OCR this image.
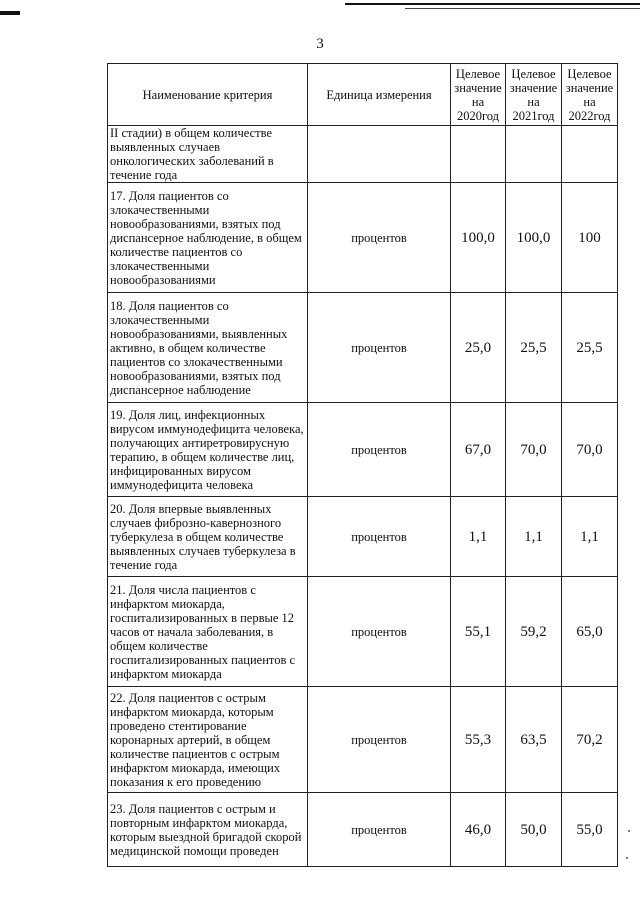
3
Наименование критерия	Единица измерения	Целевое значение на 2020год	Целевое значение на 2021год	Целевое значение на 2022год
II стадии) в общем количестве выявленных случаев онкологических заболеваний в течение года				
17. Доля пациентов со злокачественными новообразованиями, взятых под диспансерное наблюдение, в общем количестве пациентов со злокачественными новообразованиями	процентов	100,0	100,0	100
18. Доля пациентов со злокачественными новообразованиями, выявленных активно, в общем количестве пациентов со злокачественными новообразованиями, взятых под диспансерное наблюдение	процентов	25,0	25,5	25,5
19. Доля лиц, инфекционных вирусом иммунодефицита человека, получающих антиретровирусную терапию, в общем количестве лиц, инфицированных вирусом иммунодефицита человека	процентов	67,0	70,0	70,0
20. Доля впервые выявленных случаев фиброзно-кавернозного туберкулеза в общем количестве выявленных случаев туберкулеза в течение года	процентов	1,1	1,1	1,1
21. Доля числа пациентов с инфарктом миокарда, госпитализированных в первые 12 часов от начала заболевания, в общем количестве госпитализированных пациентов с инфарктом миокарда	процентов	55,1	59,2	65,0
22. Доля пациентов с острым инфарктом миокарда, которым проведено стентирование коронарных артерий, в общем количестве пациентов с острым инфарктом миокарда, имеющих показания к его проведению	процентов	55,3	63,5	70,2
23. Доля пациентов с острым и повторным инфарктом миокарда, которым выездной бригадой скорой медицинской помощи проведен	процентов	46,0	50,0	55,0
